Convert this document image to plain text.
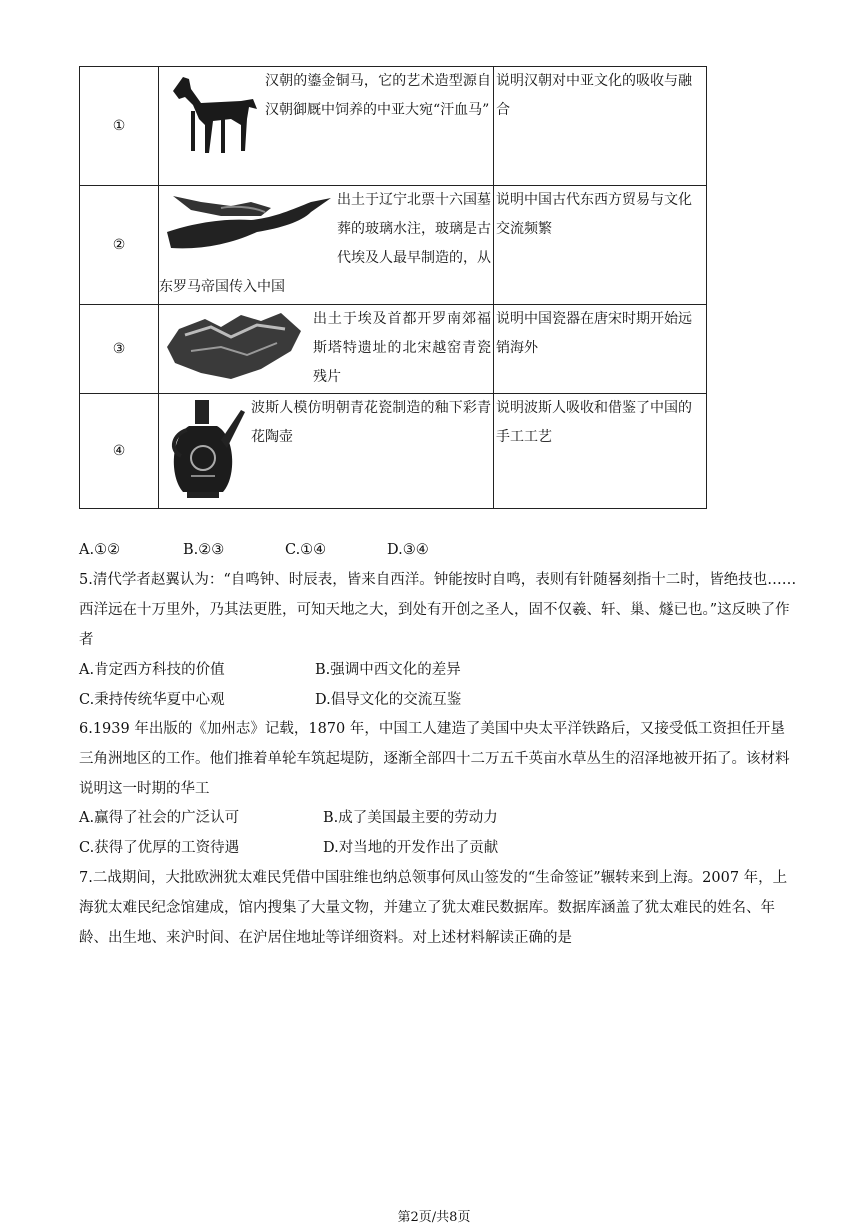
①	汉朝的鎏金铜马，它的艺术造型源自汉朝御厩中饲养的中亚大宛“汗血马”	说明汉朝对中亚文化的吸收与融合
②	出土于辽宁北票十六国墓葬的玻璃水注，玻璃是古代埃及人最早制造的，从东罗马帝国传入中国	说明中国古代东西方贸易与文化交流频繁
③	出土于埃及首都开罗南郊福斯塔特遗址的北宋越窑青瓷残片	说明中国瓷器在唐宋时期开始远销海外
④	波斯人模仿明朝青花瓷制造的釉下彩青花陶壶	说明波斯人吸收和借鉴了中国的手工工艺
A.①②	B.②③	C.①④	D.③④
5.清代学者赵翼认为：“自鸣钟、时辰表，皆来自西洋。钟能按时自鸣，表则有针随晷刻指十二时，皆绝技也……西洋远在十万里外，乃其法更胜，可知天地之大，到处有开创之圣人，固不仅羲、轩、巢、燧已也。”这反映了作者
A.肯定西方科技的价值	B.强调中西文化的差异
C.秉持传统华夏中心观	D.倡导文化的交流互鉴
6.1939 年出版的《加州志》记载，1870 年，中国工人建造了美国中央太平洋铁路后，又接受低工资担任开垦三角洲地区的工作。他们推着单轮车筑起堤防，逐渐全部四十二万五千英亩水草丛生的沼泽地被开拓了。该材料说明这一时期的华工
A.赢得了社会的广泛认可	B.成了美国最主要的劳动力
C.获得了优厚的工资待遇	D.对当地的开发作出了贡献
7.二战期间，大批欧洲犹太难民凭借中国驻维也纳总领事何凤山签发的“生命签证”辗转来到上海。2007 年，上海犹太难民纪念馆建成，馆内搜集了大量文物，并建立了犹太难民数据库。数据库涵盖了犹太难民的姓名、年龄、出生地、来沪时间、在沪居住地址等详细资料。对上述材料解读正确的是
第2页/共8页
